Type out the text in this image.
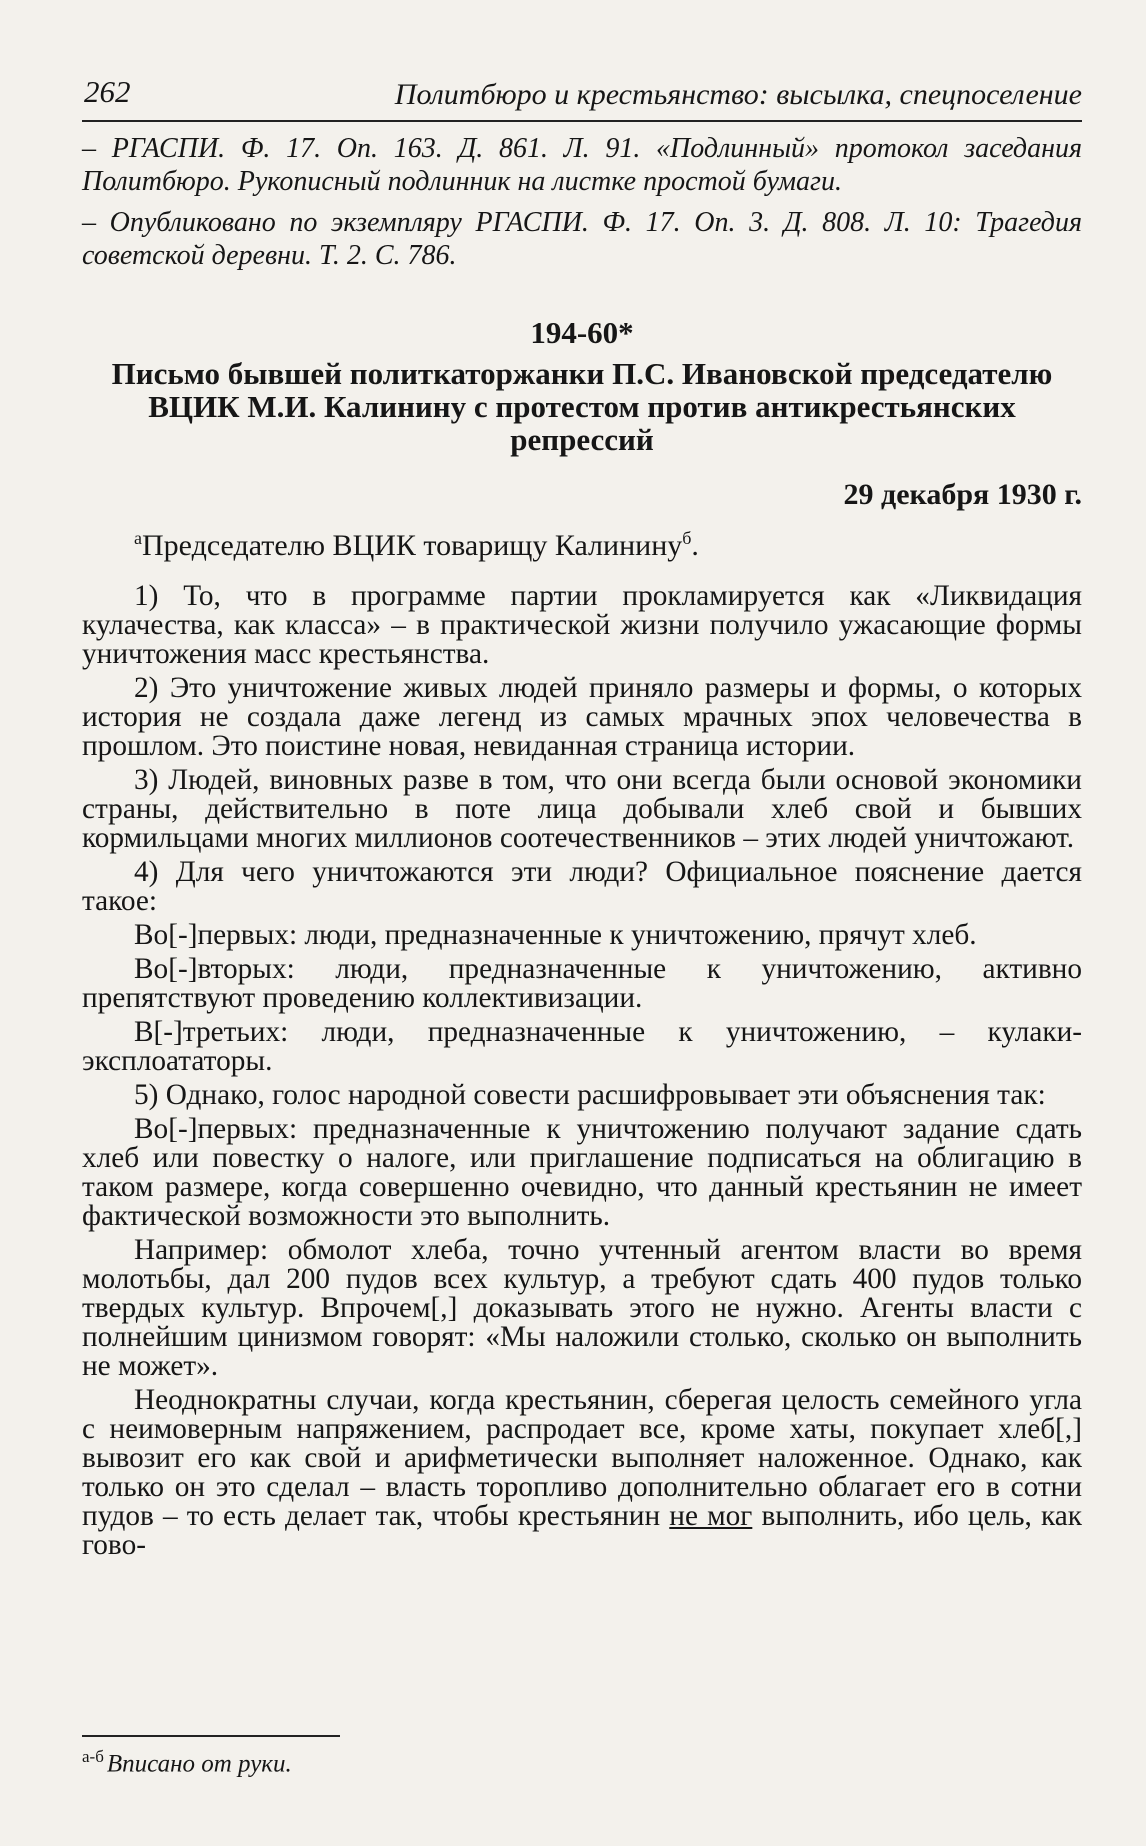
262	Политбюро и крестьянство: высылка, спецпоселение

– РГАСПИ. Ф. 17. Оп. 163. Д. 861. Л. 91. «Подлинный» протокол заседания Политбюро. Рукописный подлинник на листке простой бумаги.

– Опубликовано по экземпляру РГАСПИ. Ф. 17. Оп. 3. Д. 808. Л. 10: Трагедия советской деревни. Т. 2. С. 786.

194-60*

Письмо бывшей политкаторжанки П.С. Ивановской председателю ВЦИК М.И. Калинину с протестом против антикрестьянских репрессий

29 декабря 1930 г.

$^а$Председателю ВЦИК товарищу Калинину$^б$.

1) То, что в программе партии прокламируется как «Ликвидация кулачества, как класса» – в практической жизни получило ужасающие формы уничтожения масс крестьянства.

2) Это уничтожение живых людей приняло размеры и формы, о которых история не создала даже легенд из самых мрачных эпох человечества в прошлом. Это поистине новая, невиданная страница истории.

3) Людей, виновных разве в том, что они всегда были основой экономики страны, действительно в поте лица добывали хлеб свой и бывших кормильцами многих миллионов соотечественников – этих людей уничтожают.

4) Для чего уничтожаются эти люди? Официальное пояснение дается такое:

Во[-]первых: люди, предназначенные к уничтожению, прячут хлеб.

Во[-]вторых: люди, предназначенные к уничтожению, активно препятствуют проведению коллективизации.

В[-]третьих: люди, предназначенные к уничтожению, – кулаки-эксплоататоры.

5) Однако, голос народной совести расшифровывает эти объяснения так:

Во[-]первых: предназначенные к уничтожению получают задание сдать хлеб или повестку о налоге, или приглашение подписаться на облигацию в таком размере, когда совершенно очевидно, что данный крестьянин не имеет фактической возможности это выполнить.

Например: обмолот хлеба, точно учтенный агентом власти во время молотьбы, дал 200 пудов всех культур, а требуют сдать 400 пудов только твердых культур. Впрочем[,] доказывать этого не нужно. Агенты власти с полнейшим цинизмом говорят: «Мы наложили столько, сколько он выполнить не может».

Неоднократны случаи, когда крестьянин, сберегая целость семейного угла с неимоверным напряжением, распродает все, кроме хаты, покупает хлеб[,] вывозит его как свой и арифметически выполняет наложенное. Однако, как только он это сделал – власть торопливо дополнительно облагает его в сотни пудов – то есть делает так, чтобы крестьянин не мог выполнить, ибо цель, как гово-

$^{а-б}$ Вписано от руки.
